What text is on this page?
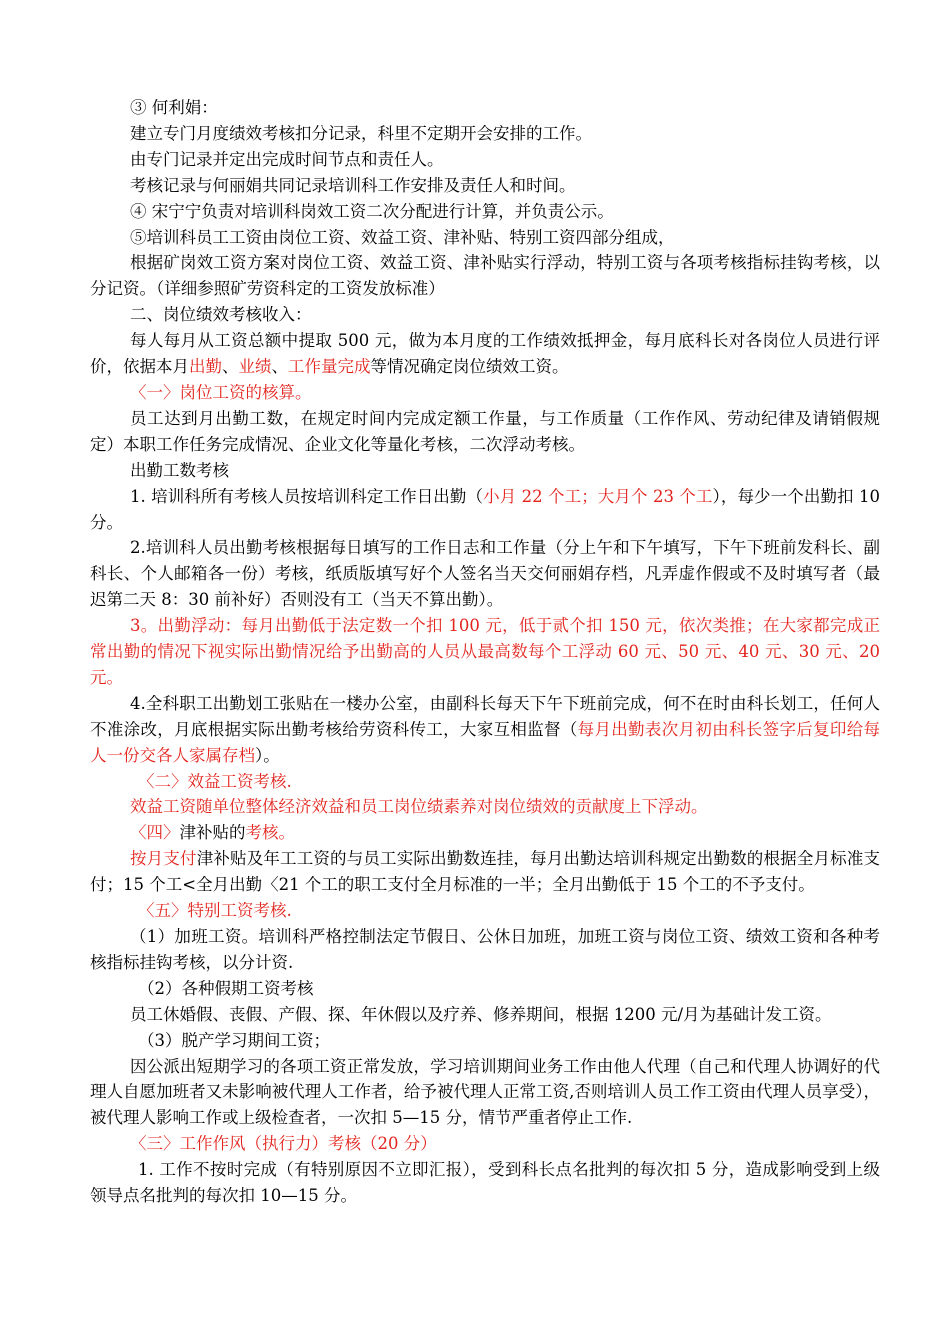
③ 何利娟：

建立专门月度绩效考核扣分记录，科里不定期开会安排的工作。

由专门记录并定出完成时间节点和责任人。

考核记录与何丽娟共同记录培训科工作安排及责任人和时间。

④ 宋宁宁负责对培训科岗效工资二次分配进行计算，并负责公示。

⑤培训科员工工资由岗位工资、效益工资、津补贴、特别工资四部分组成，

根据矿岗效工资方案对岗位工资、效益工资、津补贴实行浮动，特别工资与各项考核指标挂钩考核，以分记资。（详细参照矿劳资科定的工资发放标准）

二、岗位绩效考核收入：

每人每月从工资总额中提取 500 元，做为本月度的工作绩效抵押金，每月底科长对各岗位人员进行评价，依据本月出勤、业绩、工作量完成等情况确定岗位绩效工资。

〈一〉岗位工资的核算。

员工达到月出勤工数，在规定时间内完成定额工作量，与工作质量（工作作风、劳动纪律及请销假规定）本职工作任务完成情况、企业文化等量化考核，二次浮动考核。

出勤工数考核

1. 培训科所有考核人员按培训科定工作日出勤（小月 22 个工；大月个 23 个工），每少一个出勤扣 10 分。

2.培训科人员出勤考核根据每日填写的工作日志和工作量（分上午和下午填写，下午下班前发科长、副科长、个人邮箱各一份）考核，纸质版填写好个人签名当天交何丽娟存档，凡弄虚作假或不及时填写者（最迟第二天 8：30 前补好）否则没有工（当天不算出勤）。

3。出勤浮动：每月出勤低于法定数一个扣 100 元，低于贰个扣 150 元，依次类推；在大家都完成正常出勤的情况下视实际出勤情况给予出勤高的人员从最高数每个工浮动 60 元、50 元、40 元、30 元、20 元。

4.全科职工出勤划工张贴在一楼办公室，由副科长每天下午下班前完成，何不在时由科长划工，任何人不准涂改，月底根据实际出勤考核给劳资科传工，大家互相监督（每月出勤表次月初由科长签字后复印给每人一份交各人家属存档）。

〈二〉效益工资考核.

效益工资随单位整体经济效益和员工岗位绩素养对岗位绩效的贡献度上下浮动。

〈四〉津补贴的考核。

按月支付津补贴及年工工资的与员工实际出勤数连挂，每月出勤达培训科规定出勤数的根据全月标准支付；15 个工<全月出勤〈21 个工的职工支付全月标准的一半；全月出勤低于 15 个工的不予支付。

〈五〉特别工资考核.

（1）加班工资。培训科严格控制法定节假日、公休日加班，加班工资与岗位工资、绩效工资和各种考核指标挂钩考核，以分计资.

（2）各种假期工资考核

员工休婚假、丧假、产假、探、年休假以及疗养、修养期间，根据 1200 元/月为基础计发工资。

（3）脱产学习期间工资；

因公派出短期学习的各项工资正常发放，学习培训期间业务工作由他人代理（自己和代理人协调好的代理人自愿加班者又未影响被代理人工作者，给予被代理人正常工资,否则培训人员工作工资由代理人员享受），被代理人影响工作或上级检查者，一次扣 5—15 分，情节严重者停止工作.

〈三〉工作作风（执行力）考核（20 分）

1. 工作不按时完成（有特别原因不立即汇报），受到科长点名批判的每次扣 5 分，造成影响受到上级领导点名批判的每次扣 10—15 分。
